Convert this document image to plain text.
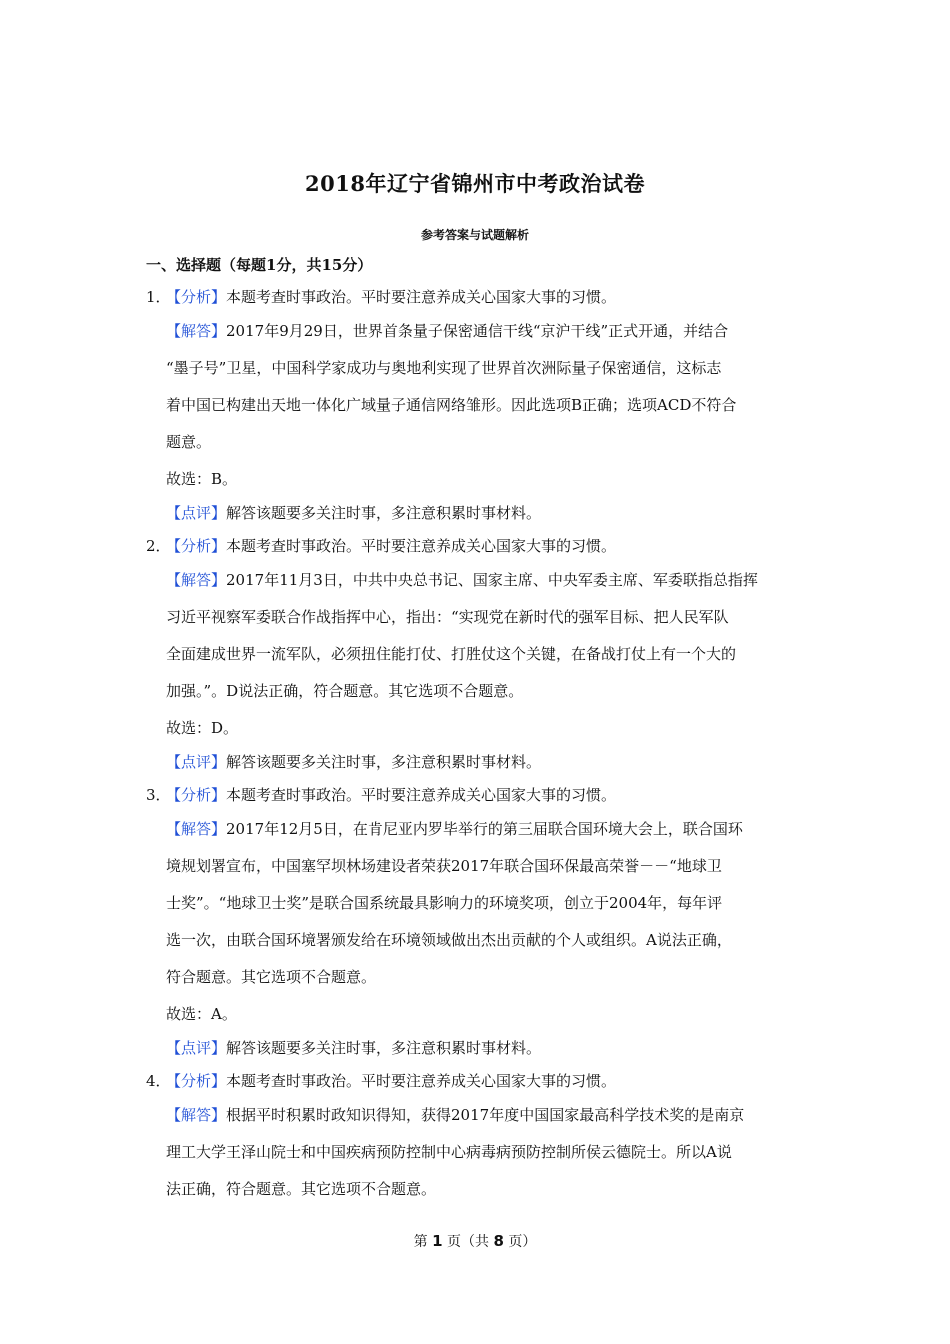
2018年辽宁省锦州市中考政治试卷
参考答案与试题解析
一、选择题（每题1分，共15分）
1．
【分析】本题考查时事政治。平时要注意养成关心国家大事的习惯。
【解答】2017年9月29日，世界首条量子保密通信干线“京沪干线”正式开通，并结合
“墨子号”卫星，中国科学家成功与奥地利实现了世界首次洲际量子保密通信，这标志
着中国已构建出天地一体化广域量子通信网络雏形。因此选项B正确；选项ACD不符合
题意。
故选：B。
【点评】解答该题要多关注时事，多注意积累时事材料。
2．
【分析】本题考查时事政治。平时要注意养成关心国家大事的习惯。
【解答】2017年11月3日，中共中央总书记、国家主席、中央军委主席、军委联指总指挥
习近平视察军委联合作战指挥中心，指出：“实现党在新时代的强军目标、把人民军队
全面建成世界一流军队，必须扭住能打仗、打胜仗这个关键，在备战打仗上有一个大的
加强。”。D说法正确，符合题意。其它选项不合题意。
故选：D。
【点评】解答该题要多关注时事，多注意积累时事材料。
3．
【分析】本题考查时事政治。平时要注意养成关心国家大事的习惯。
【解答】2017年12月5日，在肯尼亚内罗毕举行的第三届联合国环境大会上，联合国环
境规划署宣布，中国塞罕坝林场建设者荣获2017年联合国环保最高荣誉－－“地球卫
士奖”。“地球卫士奖”是联合国系统最具影响力的环境奖项，创立于2004年，每年评
选一次，由联合国环境署颁发给在环境领域做出杰出贡献的个人或组织。A说法正确，
符合题意。其它选项不合题意。
故选：A。
【点评】解答该题要多关注时事，多注意积累时事材料。
4．
【分析】本题考查时事政治。平时要注意养成关心国家大事的习惯。
【解答】根据平时积累时政知识得知，获得2017年度中国国家最高科学技术奖的是南京
理工大学王泽山院士和中国疾病预防控制中心病毒病预防控制所侯云德院士。所以A说
法正确，符合题意。其它选项不合题意。
第 1 页（共 8 页）
